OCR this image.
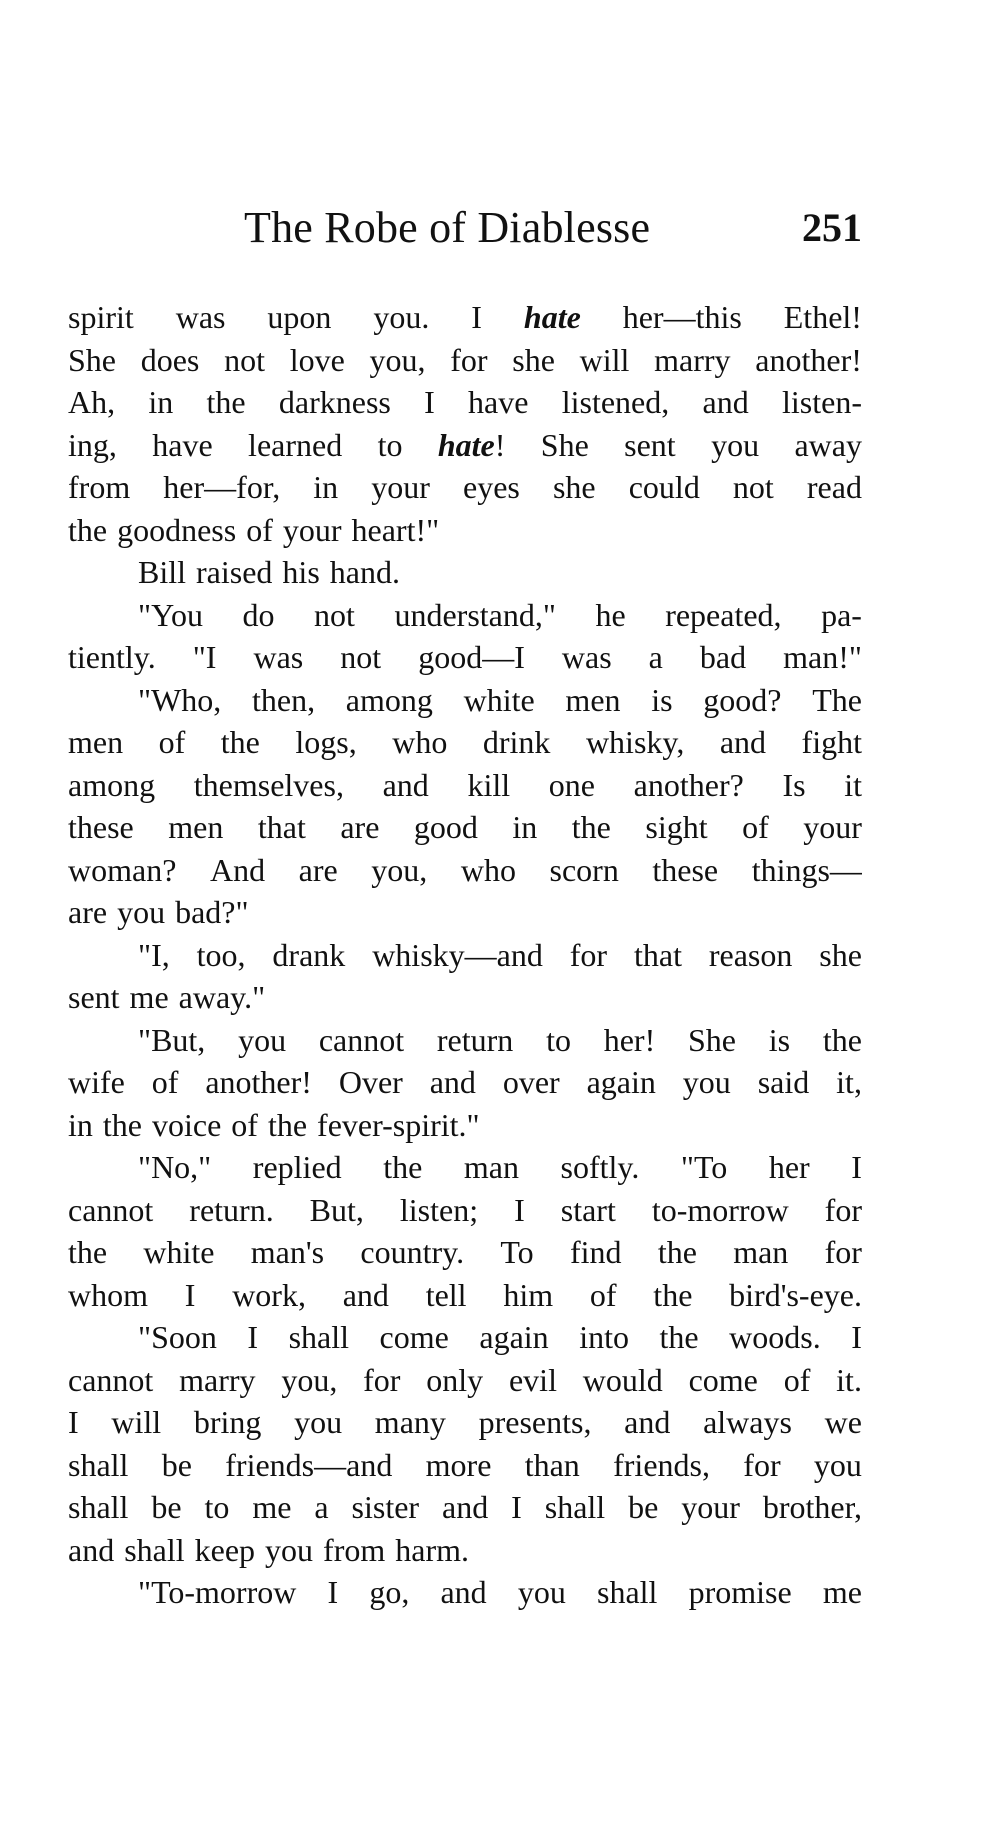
The Robe of Diablesse	251
spirit was upon you. I hate her—this Ethel!
She does not love you, for she will marry another!
Ah, in the darkness I have listened, and listen-
ing, have learned to hate! She sent you away
from her—for, in your eyes she could not read
the
goodness
of
your
heart!"
Bill
raised
his
hand.
"You do not understand," he repeated, pa-
tiently. "I was not good—I was a bad man!"
"Who, then, among white men is good? The
men of the logs, who drink whisky, and fight
among themselves, and kill one another? Is it
these men that are good in the sight of your
woman? And are you, who scorn these things—
are
you
bad?"
"I, too, drank whisky—and for that reason she
sent
me
away."
"But, you cannot return to her! She is the
wife of another! Over and over again you said it,
in
the
voice
of
the
fever-spirit."
"No," replied the man softly. "To her I
cannot return. But, listen; I start to-morrow for
the white man's country. To find the man for
whom I work, and tell him of the bird's-eye.
"Soon I shall come again into the woods. I
cannot marry you, for only evil would come of it.
I will bring you many presents, and always we
shall be friends—and more than friends, for you
shall be to me a sister and I shall be your brother,
and
shall
keep
you
from
harm.
"To-morrow I go, and you shall promise me
